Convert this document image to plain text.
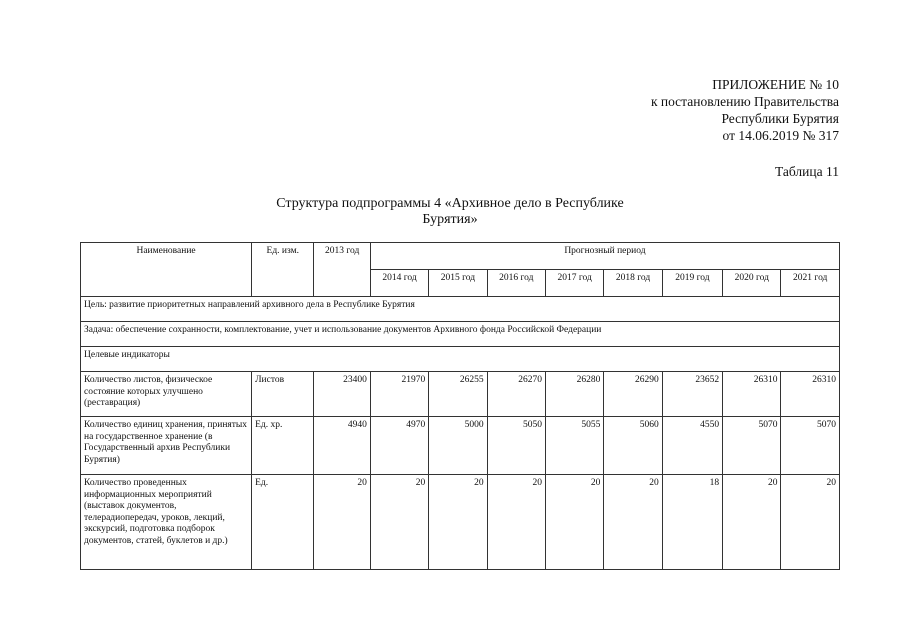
ПРИЛОЖЕНИЕ № 10
к постановлению Правительства
Республики Бурятия
от 14.06.2019 № 317
Таблица 11
Структура подпрограммы 4 «Архивное дело в Республике
Бурятия»
Наименование	Ед. изм.	2013 год	Прогнозный период							
			2014 год	2015 год	2016 год	2017 год	2018 год	2019 год	2020 год	2021 год
Цель: развитие приоритетных направлений архивного дела в Республике Бурятия										
Задача: обеспечение сохранности, комплектование, учет и использование документов Архивного фонда Российской Федерации										
Целевые индикаторы										
Количество листов, физическое состояние которых улучшено (реставрация)	Листов	23400	21970	26255	26270	26280	26290	23652	26310	26310
Количество единиц хранения, принятых на государственное хранение (в Государственный архив Республики Бурятия)	Ед. хр.	4940	4970	5000	5050	5055	5060	4550	5070	5070
Количество проведенных информационных мероприятий (выставок документов, телерадиопередач, уроков, лекций, экскурсий, подготовка подборок документов, статей, буклетов и др.)	Ед.	20	20	20	20	20	20	18	20	20
